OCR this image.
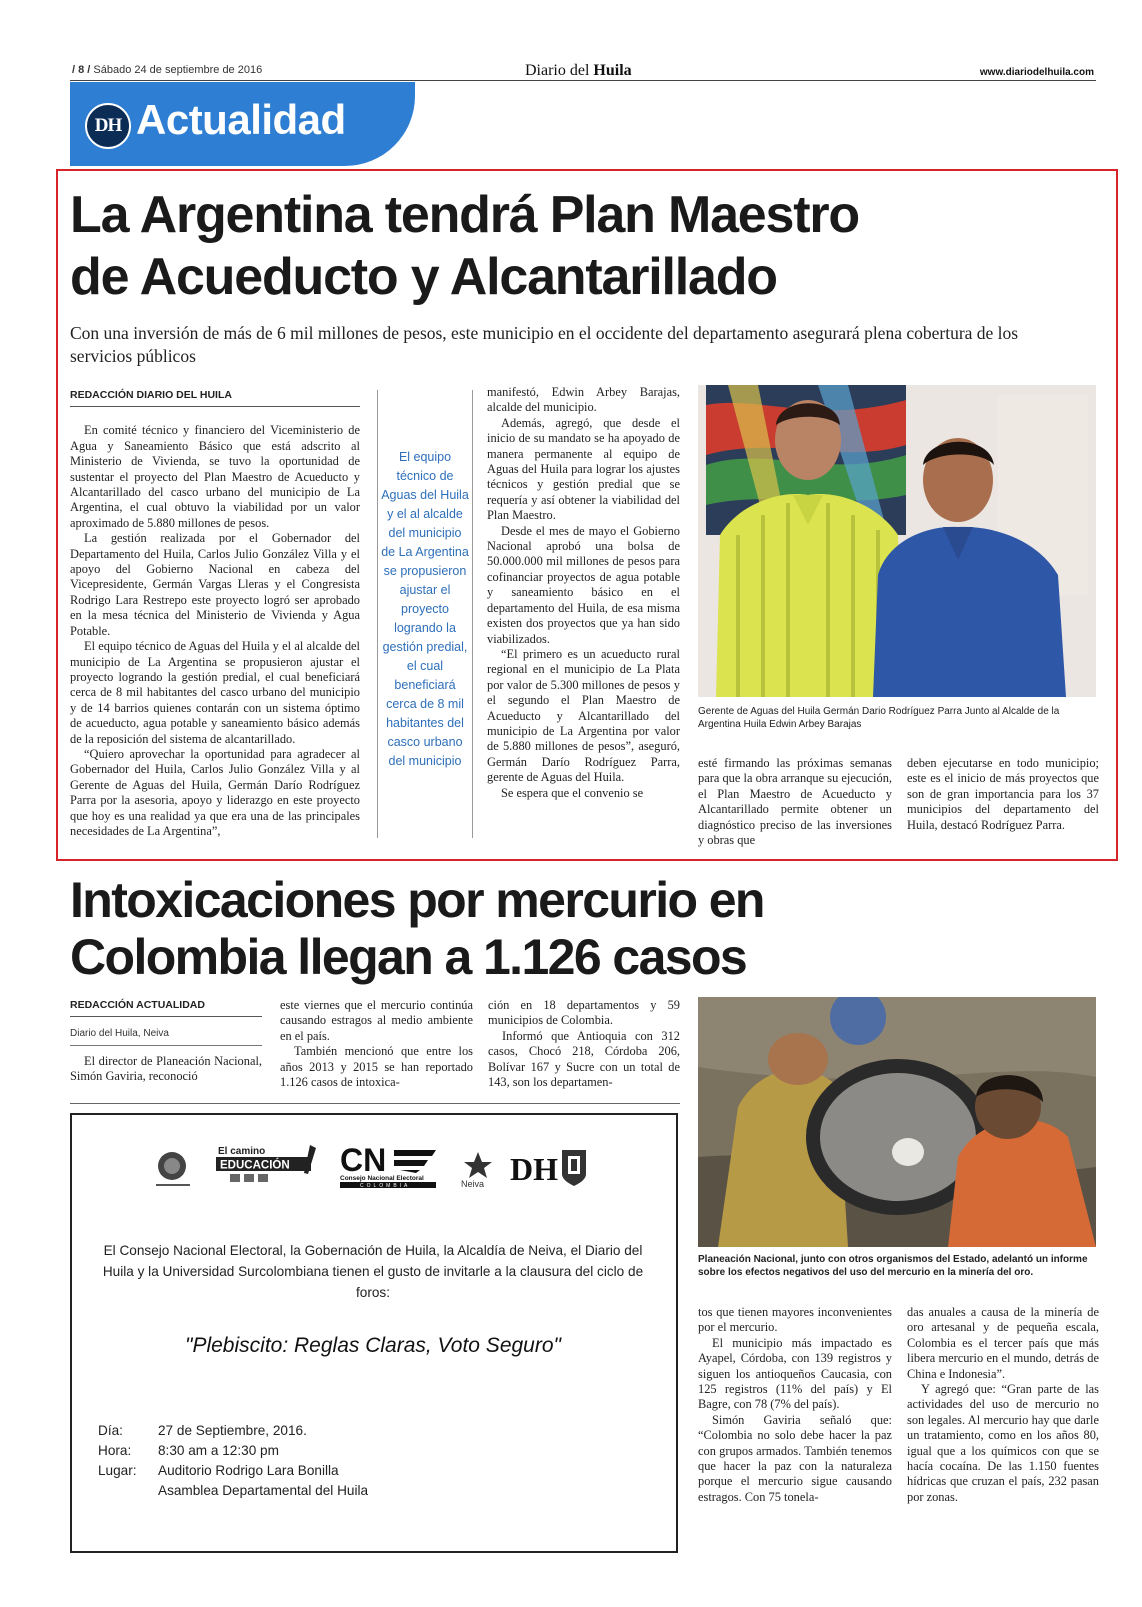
/ 8 / Sábado 24 de septiembre de 2016	Diario del Huila	www.diariodelhuila.com
DH Actualidad
La Argentina tendrá Plan Maestro
de Acueducto y Alcantarillado

Con una inversión de más de 6 mil millones de pesos, este municipio en el occidente del departamento asegurará plena cobertura de los servicios públicos

REDACCIÓN DIARIO DEL HUILA

En comité técnico y financiero del Viceministerio de Agua y Saneamiento Básico que está adscrito al Ministerio de Vivienda, se tuvo la oportunidad de sustentar el proyecto del Plan Maestro de Acueducto y Alcantarillado del casco urbano del municipio de La Argentina, el cual obtuvo la viabilidad por un valor aproximado de 5.880 millones de pesos.

La gestión realizada por el Gobernador del Departamento del Huila, Carlos Julio González Villa y el apoyo del Gobierno Nacional en cabeza del Vicepresidente, Germán Vargas Lleras y el Congresista Rodrigo Lara Restrepo este proyecto logró ser aprobado en la mesa técnica del Ministerio de Vivienda y Agua Potable.

El equipo técnico de Aguas del Huila y el al alcalde del municipio de La Argentina se propusieron ajustar el proyecto logrando la gestión predial, el cual beneficiará cerca de 8 mil habitantes del casco urbano del municipio y de 14 barrios quienes contarán con un sistema óptimo de acueducto, agua potable y saneamiento básico además de la reposición del sistema de alcantarillado.

“Quiero aprovechar la oportunidad para agradecer al Gobernador del Huila, Carlos Julio González Villa y al Gerente de Aguas del Huila, Germán Darío Rodríguez Parra por la asesoria, apoyo y liderazgo en este proyecto que hoy es una realidad ya que era una de las principales necesidades de La Argentina”,

El equipo técnico de Aguas del Huila y el al alcalde del municipio de La Argentina se propusieron ajustar el proyecto logrando la gestión predial, el cual beneficiará cerca de 8 mil habitantes del casco urbano del municipio

manifestó, Edwin Arbey Barajas, alcalde del municipio.

Además, agregó, que desde el inicio de su mandato se ha apoyado de manera permanente al equipo de Aguas del Huila para lograr los ajustes técnicos y gestión predial que se requería y así obtener la viabilidad del Plan Maestro.

Desde el mes de mayo el Gobierno Nacional aprobó una bolsa de 50.000.000 mil millones de pesos para cofinanciar proyectos de agua potable y saneamiento básico en el departamento del Huila, de esa misma existen dos proyectos que ya han sido viabilizados.

“El primero es un acueducto rural regional en el municipio de La Plata por valor de 5.300 millones de pesos y el segundo el Plan Maestro de Acueducto y Alcantarillado del municipio de La Argentina por valor de 5.880 millones de pesos”, aseguró, Germán Darío Rodríguez Parra, gerente de Aguas del Huila.

Se espera que el convenio se

Gerente de Aguas del Huila Germán Dario Rodríguez Parra Junto al Alcalde de la Argentina Huila Edwin Arbey Barajas

esté firmando las próximas semanas para que la obra arranque su ejecución, el Plan Maestro de Acueducto y Alcantarillado permite obtener un diagnóstico preciso de las inversiones y obras que

deben ejecutarse en todo municipio; este es el inicio de más proyectos que son de gran importancia para los 37 municipios del departamento del Huila, destacó Rodríguez Parra.

Intoxicaciones por mercurio en
Colombia llegan a 1.126 casos
REDACCIÓN ACTUALIDAD
Diario del Huila, Neiva

El director de Planeación Nacional, Simón Gaviria, reconoció

este viernes que el mercurio continúa causando estragos al medio ambiente en el país.

También mencionó que entre los años 2013 y 2015 se han reportado 1.126 casos de intoxica-

ción en 18 departamentos y 59 municipios de Colombia.

Informó que Antioquia con 312 casos, Chocó 218, Córdoba 206, Bolívar 167 y Sucre con un total de 143, son los departamen-

Planeación Nacional, junto con otros organismos del Estado, adelantó un informe sobre los efectos negativos del uso del mercurio en la minería del oro.

tos que tienen mayores inconvenientes por el mercurio.

El municipio más impactado es Ayapel, Córdoba, con 139 registros y siguen los antioqueños Caucasia, con 125 registros (11% del país) y El Bagre, con 78 (7% del país).

Simón Gaviria señaló que: “Colombia no solo debe hacer la paz con grupos armados. También tenemos que hacer la paz con la naturaleza porque el mercurio sigue causando estragos. Con 75 tonela-

das anuales a causa de la minería de oro artesanal y de pequeña escala, Colombia es el tercer país que más libera mercurio en el mundo, detrás de China e Indonesia”.

Y agregó que: “Gran parte de las actividades del uso de mercurio no son legales. Al mercurio hay que darle un tratamiento, como en los años 80, igual que a los químicos con que se hacía cocaína. De las 1.150 fuentes hídricas que cruzan el país, 232 pasan por zonas.

El camino
EDUCACIÓN CN
Consejo Nacional Electoral
COLOMBIA	Neiva DH

El Consejo Nacional Electoral, la Gobernación de Huila, la Alcaldía de Neiva, el Diario del Huila y la Universidad Surcolombiana tienen el gusto de invitarle a la clausura del ciclo de foros:

"Plebiscito: Reglas Claras, Voto Seguro"
Día:	27 de Septiembre, 2016.
Hora: 8:30 am a 12:30 pm
Lugar: Auditorio Rodrigo Lara Bonilla
Asamblea Departamental del Huila
